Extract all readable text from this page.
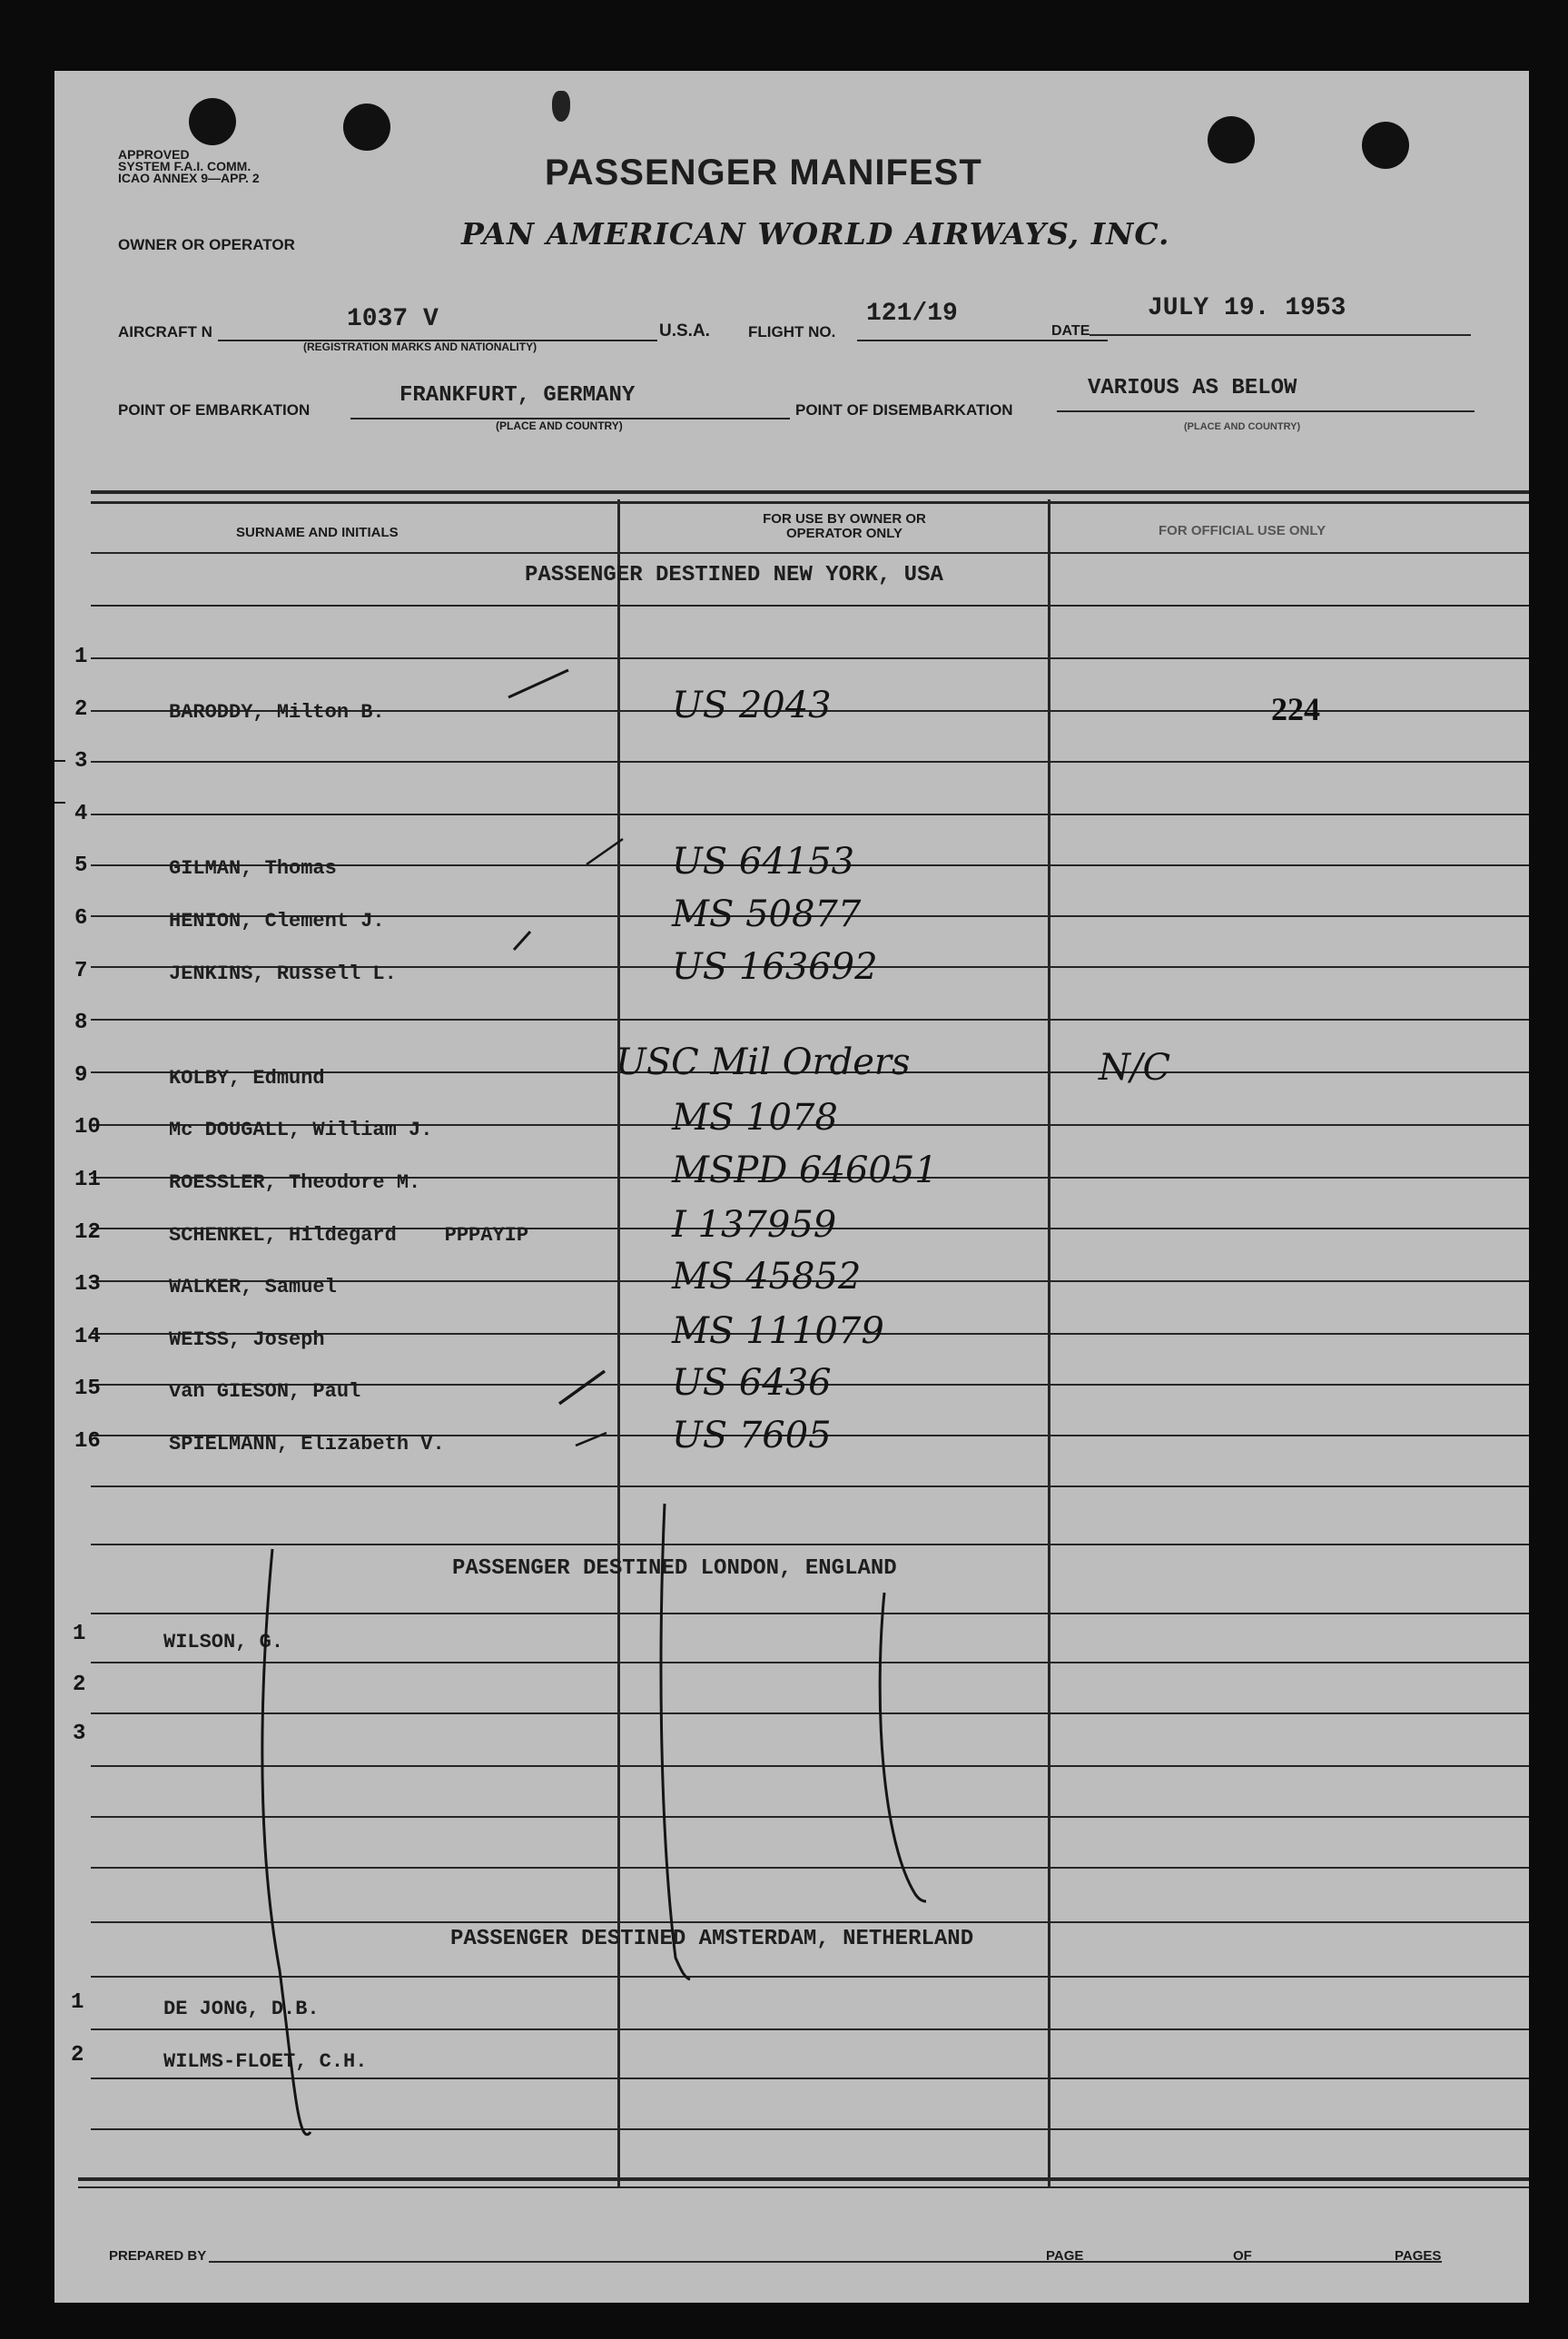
APPROVED
SYSTEM F.A.I. COMM.
ICAO ANNEX 9—APP. 2	PASSENGER MANIFEST
OWNER OR OPERATOR	PAN AMERICAN WORLD AIRWAYS, INC.
AIRCRAFT N	1037 V
(REGISTRATION MARKS AND NATIONALITY)
U.S.A. FLIGHT NO.
121/19
DATE
JULY 19. 1953
POINT OF EMBARKATION
FRANKFURT, GERMANY
(PLACE AND COUNTRY)
POINT OF DISEMBARKATION
VARIOUS AS BELOW
(PLACE AND COUNTRY)
SURNAME AND INITIALS
FOR USE BY OWNER OR OPERATOR ONLY	FOR OFFICIAL USE ONLY
PASSENGER DESTINED NEW YORK, USA
PASSENGER DESTINED LONDON, ENGLAND
PASSENGER DESTINED AMSTERDAM, NETHERLAND
1
2	BARODDY, Milton B.	US 2043	224
3
4
5	GILMAN, Thomas	US 64153
6	HENION, Clement J.	MS 50877
7	JENKINS, Russell L.	US 163692
8
9	KOLBY, Edmund	USC Mil Orders	N/C
10	Mc DOUGALL, William J.	MS 1078
11	ROESSLER, Theodore M.	MSPD 646051
12	SCHENKEL, Hildegard    PPPAYIP	I 137959
13	WALKER, Samuel	MS 45852
14	WEISS, Joseph	MS 111079
15	van GIESON, Paul	US 6436
16	SPIELMANN, Elizabeth V.	US 7605
1	WILSON, G.
2
3
1	DE JONG, D.B.
2	WILMS-FLOET, C.H.
PREPARED BY	PAGE	OF	PAGES
